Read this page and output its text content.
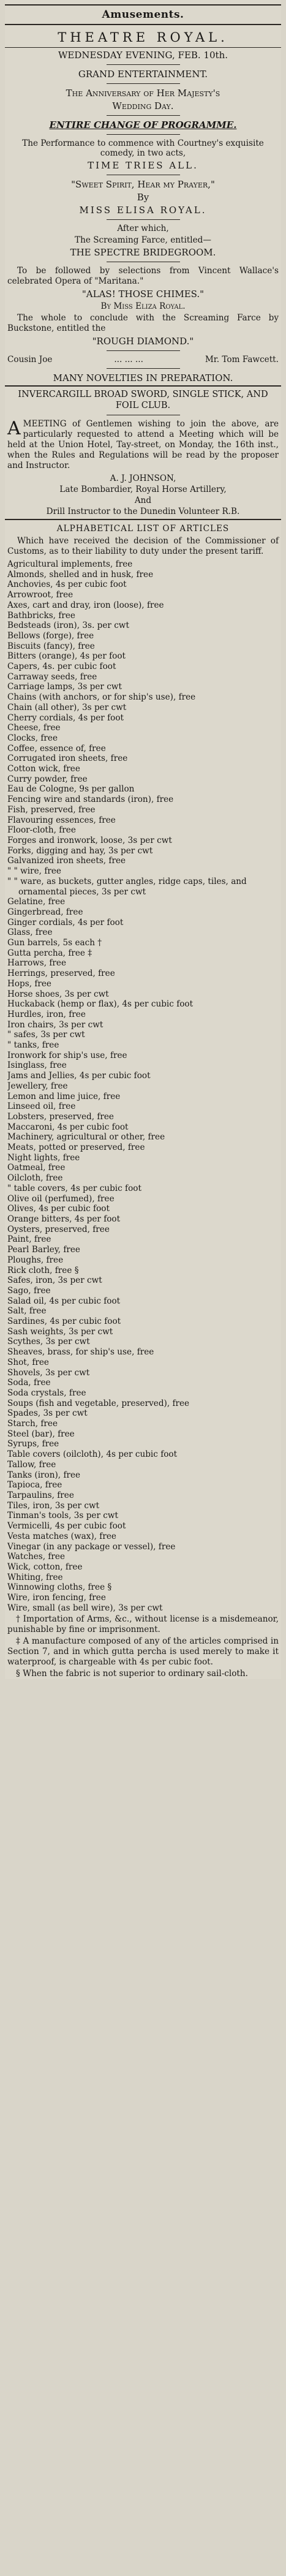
Amusements.
THEATRE ROYAL.
WEDNESDAY EVENING, FEB. 10th.
GRAND ENTERTAINMENT.
The Anniversary of Her Majesty's
Wedding Day.
ENTIRE CHANGE OF PROGRAMME.
The Performance to commence with Courtney's exquisite comedy, in two acts,
TIME TRIES ALL.
"Sweet Spirit, Hear my Prayer,"
By
MISS ELISA ROYAL.
After which,
The Screaming Farce, entitled—
THE SPECTRE BRIDEGROOM.
To be followed by selections from Vincent Wallace's celebrated Opera of "Maritana."
"ALAS! THOSE CHIMES."
By Miss Eliza Royal.
The whole to conclude with the Screaming Farce by Buckstone, entitled the
"ROUGH DIAMOND."
Cousin Joe	... ... ...	Mr. Tom Fawcett.
MANY NOVELTIES IN PREPARATION.
INVERCARGILL BROAD SWORD, SINGLE STICK, AND FOIL CLUB.
AMEETING of Gentlemen wishing to join the above, are particularly requested to attend a Meeting which will be held at the Union Hotel, Tay-street, on Monday, the 16th inst., when the Rules and Regulations will be read by the proposer and Instructor.
A. J. JOHNSON,
Late Bombardier, Royal Horse Artillery,
And
Drill Instructor to the Dunedin Volunteer R.B.
ALPHABETICAL LIST OF ARTICLES
Which have received the decision of the Commissioner of Customs, as to their liability to duty under the present tariff.
Agricultural implements, free
Almonds, shelled and in husk, free
Anchovies, 4s per cubic foot
Arrowroot, free
Axes, cart and dray, iron (loose), free
Bathbricks, free
Bedsteads (iron), 3s. per cwt
Bellows (forge), free
Biscuits (fancy), free
Bitters (orange), 4s per foot
Capers, 4s. per cubic foot
Carraway seeds, free
Carriage lamps, 3s per cwt
Chains (with anchors, or for ship's use), free
Chain (all other), 3s per cwt
Cherry cordials, 4s per foot
Cheese, free
Clocks, free
Coffee, essence of, free
Corrugated iron sheets, free
Cotton wick, free
Curry powder, free
Eau de Cologne, 9s per gallon
Fencing wire and standards (iron), free
Fish, preserved, free
Flavouring essences, free
Floor-cloth, free
Forges and ironwork, loose, 3s per cwt
Forks, digging and hay, 3s per cwt
Galvanized iron sheets, free
" " wire, free
" " ware, as buckets, gutter angles, ridge caps, tiles, and ornamental pieces, 3s per cwt
Gelatine, free
Gingerbread, free
Ginger cordials, 4s per foot
Glass, free
Gun barrels, 5s each †
Gutta percha, free ‡
Harrows, free
Herrings, preserved, free
Hops, free
Horse shoes, 3s per cwt
Huckaback (hemp or flax), 4s per cubic foot
Hurdles, iron, free
Iron chairs, 3s per cwt
" safes, 3s per cwt
" tanks, free
Ironwork for ship's use, free
Isinglass, free
Jams and Jellies, 4s per cubic foot
Jewellery, free
Lemon and lime juice, free
Linseed oil, free
Lobsters, preserved, free
Maccaroni, 4s per cubic foot
Machinery, agricultural or other, free
Meats, potted or preserved, free
Night lights, free
Oatmeal, free
Oilcloth, free
" table covers, 4s per cubic foot
Olive oil (perfumed), free
Olives, 4s per cubic foot
Orange bitters, 4s per foot
Oysters, preserved, free
Paint, free
Pearl Barley, free
Ploughs, free
Rick cloth, free §
Safes, iron, 3s per cwt
Sago, free
Salad oil, 4s per cubic foot
Salt, free
Sardines, 4s per cubic foot
Sash weights, 3s per cwt
Scythes, 3s per cwt
Sheaves, brass, for ship's use, free
Shot, free
Shovels, 3s per cwt
Soda, free
Soda crystals, free
Soups (fish and vegetable, preserved), free
Spades, 3s per cwt
Starch, free
Steel (bar), free
Syrups, free
Table covers (oilcloth), 4s per cubic foot
Tallow, free
Tanks (iron), free
Tapioca, free
Tarpaulins, free
Tiles, iron, 3s per cwt
Tinman's tools, 3s per cwt
Vermicelli, 4s per cubic foot
Vesta matches (wax), free
Vinegar (in any package or vessel), free
Watches, free
Wick, cotton, free
Whiting, free
Winnowing cloths, free §
Wire, iron fencing, free
Wire, small (as bell wire), 3s per cwt
† Importation of Arms, &c., without license is a misdemeanor, punishable by fine or imprisonment.
‡ A manufacture composed of any of the articles comprised in Section 7, and in which gutta percha is used merely to make it waterproof, is chargeable with 4s per cubic foot.
§ When the fabric is not superior to ordinary sail-cloth.
